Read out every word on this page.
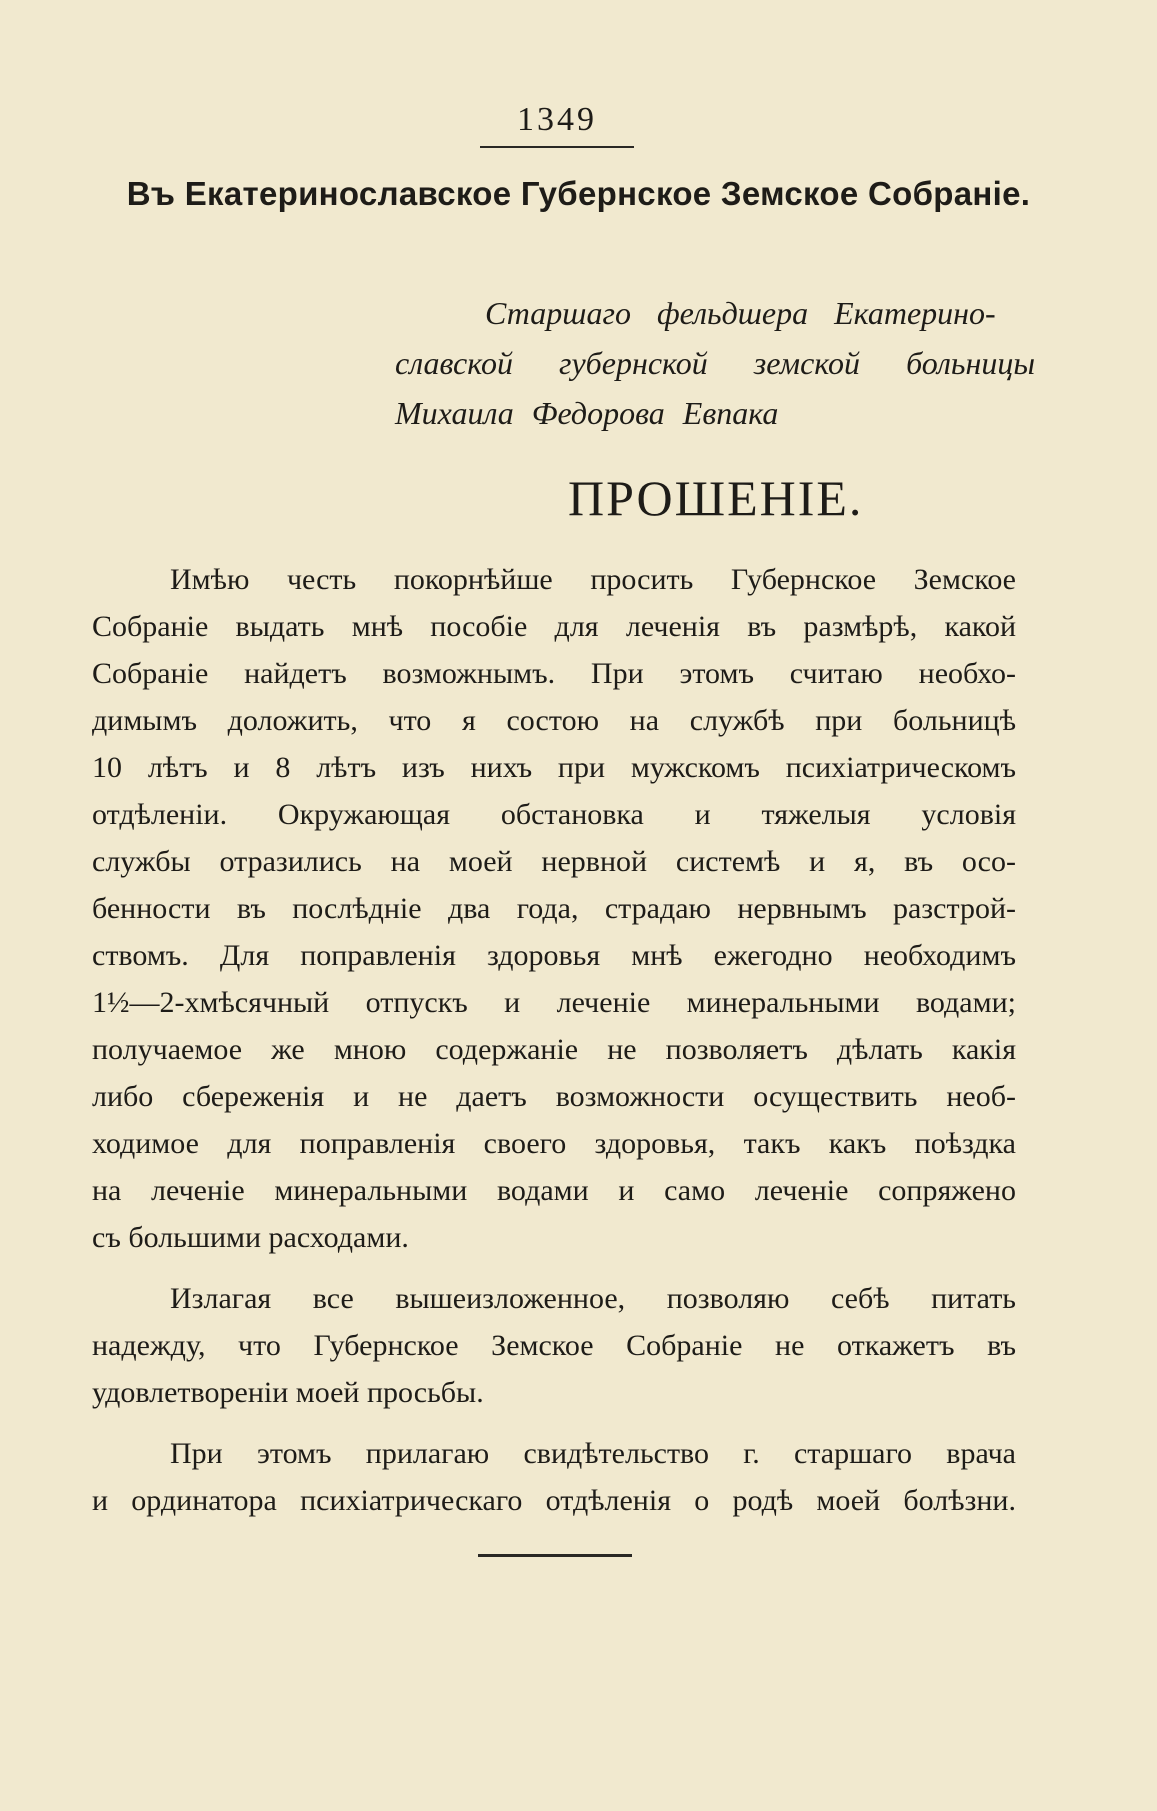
1349
Въ Екатеринославское Губернское Земское Собраніе.
Старшаго фельдшера Екатерино-
славской губернской земской больницы
Михаила Федорова Евпака
ПРОШЕНІЕ.
Имѣю честь покорнѣйше просить Губернское Земское
Собраніе выдать мнѣ пособіе для леченія въ размѣрѣ, какой
Собраніе найдетъ возможнымъ. При этомъ считаю необхо-
димымъ доложить, что я состою на службѣ при больницѣ
10 лѣтъ и 8 лѣтъ изъ нихъ при мужскомъ психіатрическомъ
отдѣленіи. Окружающая обстановка и тяжелыя условія
службы отразились на моей нервной системѣ и я, въ осо-
бенности въ послѣдніе два года, страдаю нервнымъ разстрой-
ствомъ. Для поправленія здоровья мнѣ ежегодно необходимъ
1½—2-хмѣсячный отпускъ и леченіе минеральными водами;
получаемое же мною содержаніе не позволяетъ дѣлать какія
либо сбереженія и не даетъ возможности осуществить необ-
ходимое для поправленія своего здоровья, такъ какъ поѣздка
на леченіе минеральными водами и само леченіе сопряжено
съ большими расходами.
Излагая все вышеизложенное, позволяю себѣ питать
надежду, что Губернское Земское Собраніе не откажетъ въ
удовлетвореніи моей просьбы.
При этомъ прилагаю свидѣтельство г. старшаго врача
и ординатора психіатрическаго отдѣленія о родѣ моей болѣзни.
